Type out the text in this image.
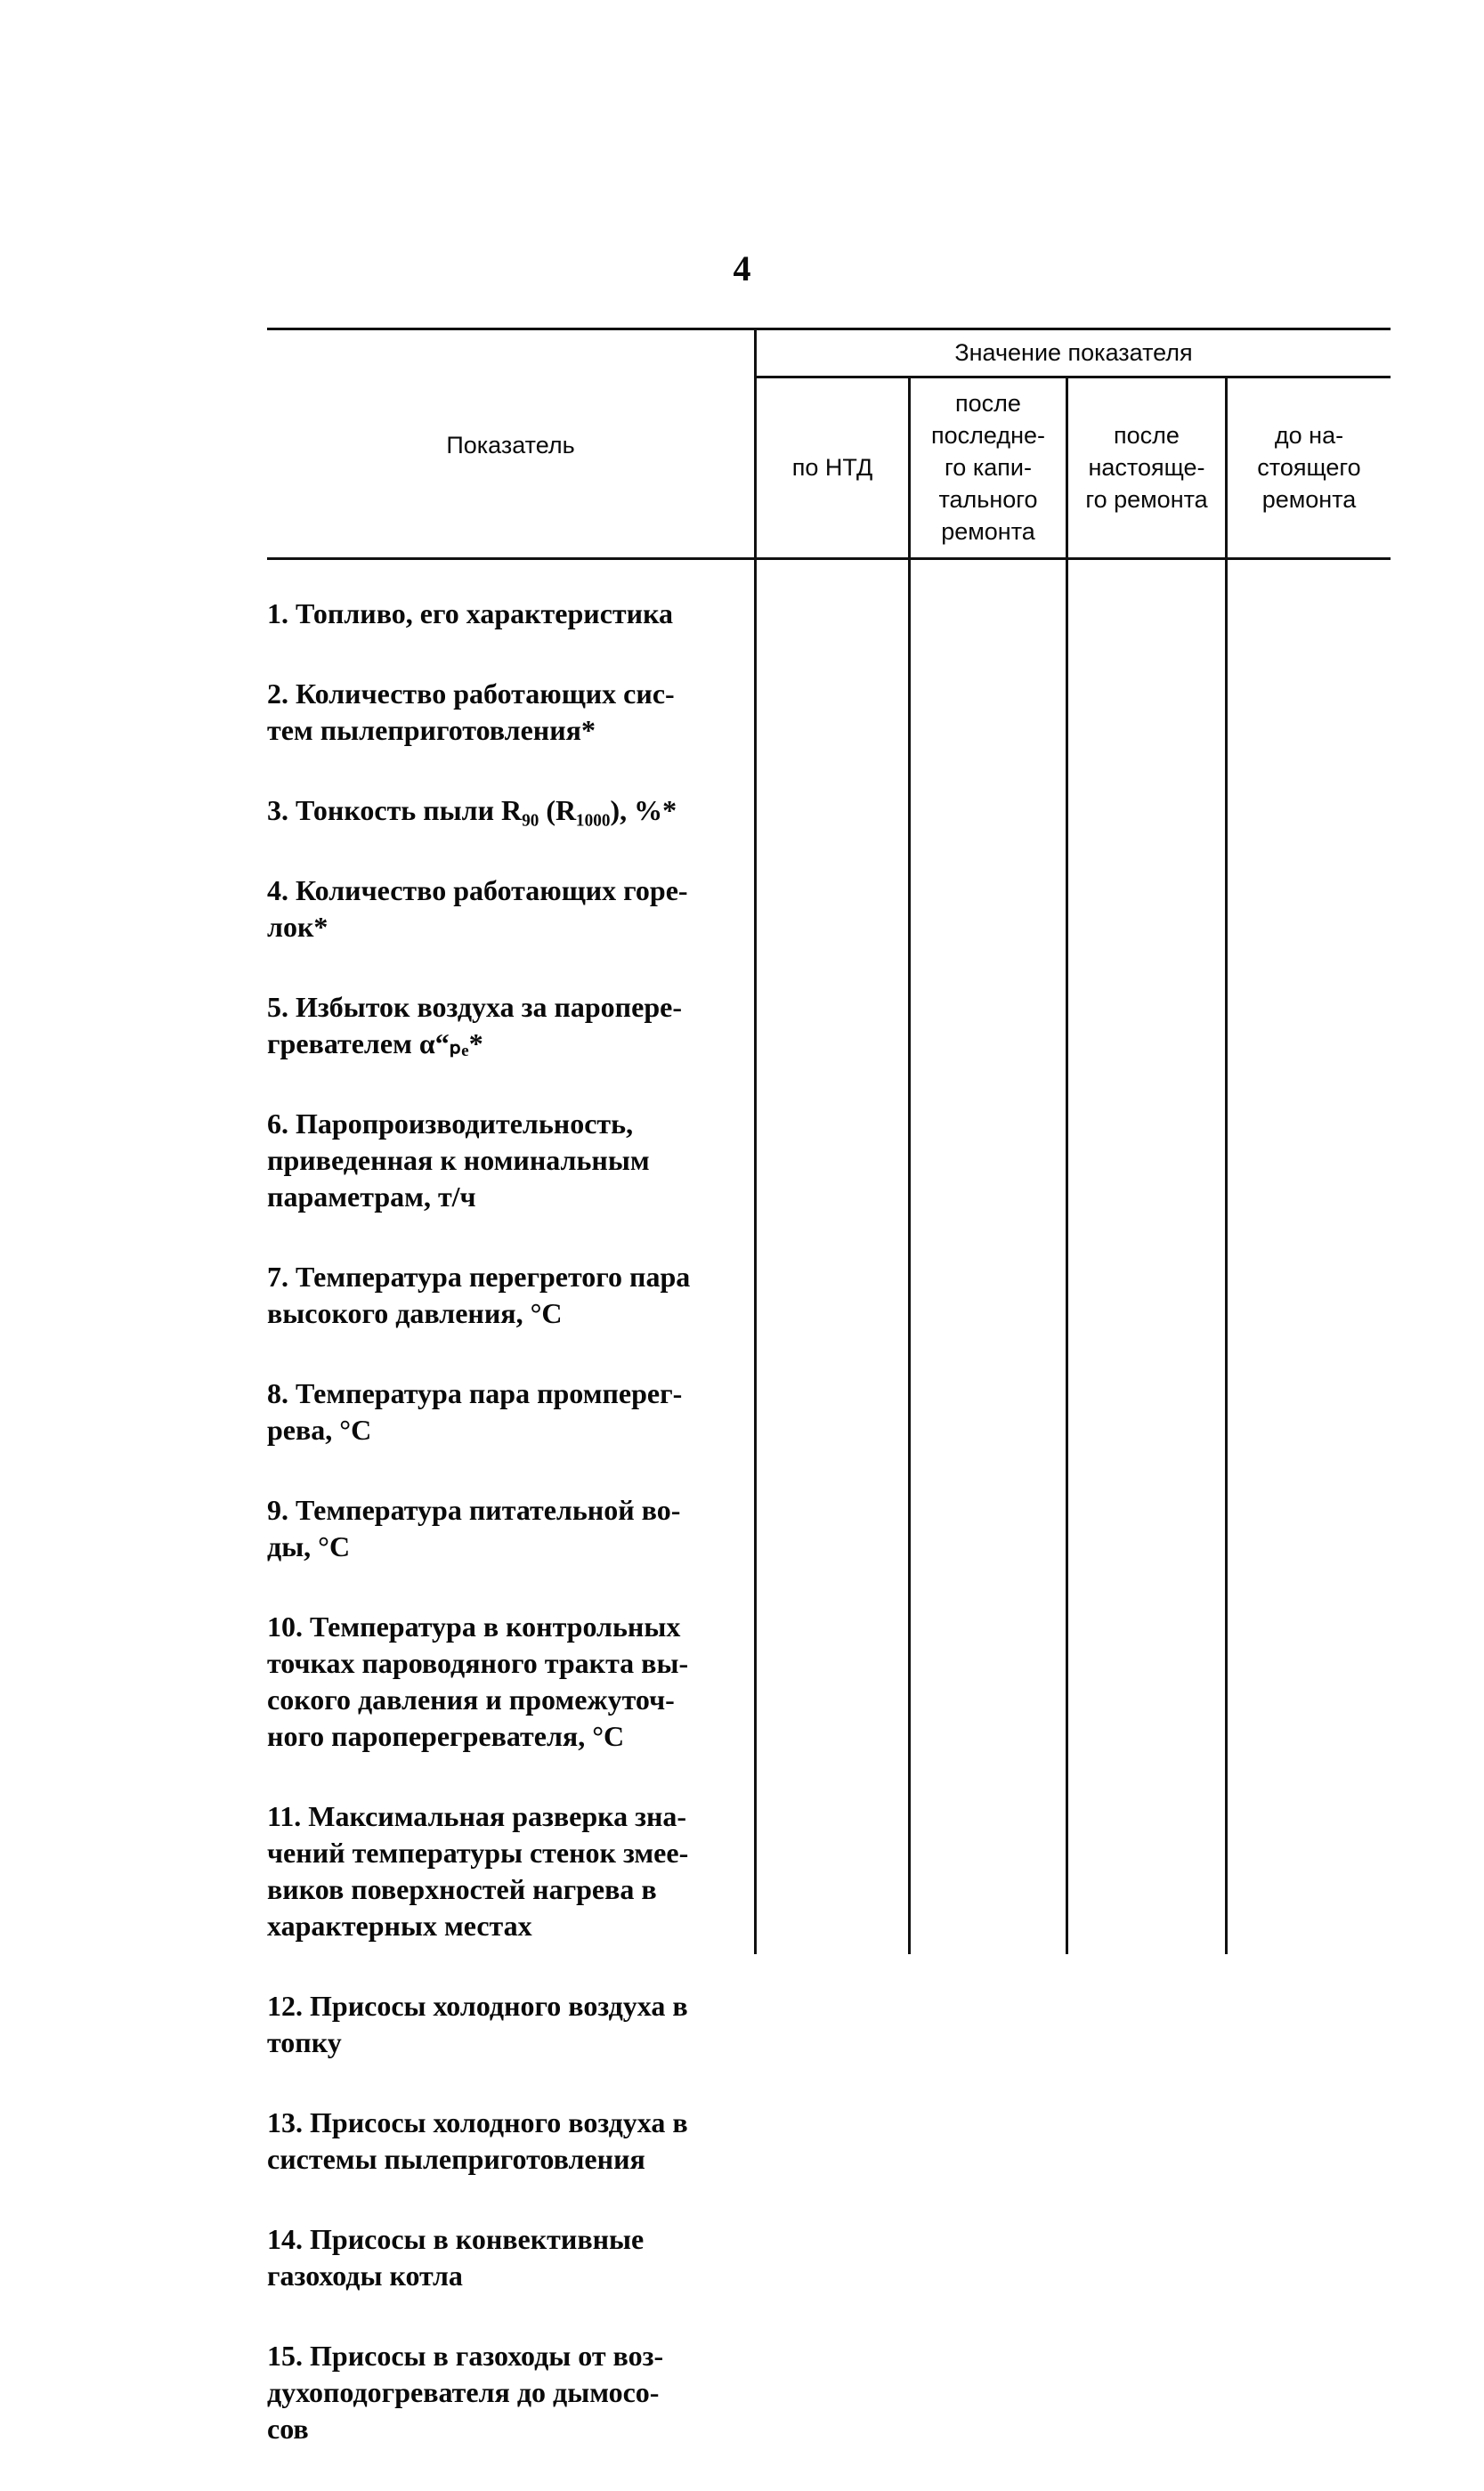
4
Показатель
Значение показателя
по НТД
после
последне-
го капи-
тального
ремонта
после
настояще-
го ремонта
до на-
стоящего
ремонта

1. Топливо, его характеристика

2. Количество работающих сис-
тем пылеприготовления*

3. Тонкость пыли R₉₀ (R₁₀₀₀), %*

4. Количество работающих горе-
лок*

5. Избыток воздуха за паропере-
гревателем α“ₚₑ*

6. Паропроизводительность,
приведенная к номинальным
параметрам, т/ч

7. Температура перегретого пара
высокого давления, °С

8. Температура пара промперег-
рева, °С

9. Температура питательной во-
ды, °С

10. Температура в контрольных
точках пароводяного тракта вы-
сокого давления и промежуточ-
ного пароперегревателя, °С

11. Максимальная разверка зна-
чений температуры стенок змее-
виков поверхностей нагрева в
характерных местах

12. Присосы холодного воздуха в
топку

13. Присосы холодного воздуха в
системы пылеприготовления

14. Присосы в конвективные
газоходы котла

15. Присосы в газоходы от воз-
духоподогревателя до дымосо-
сов
